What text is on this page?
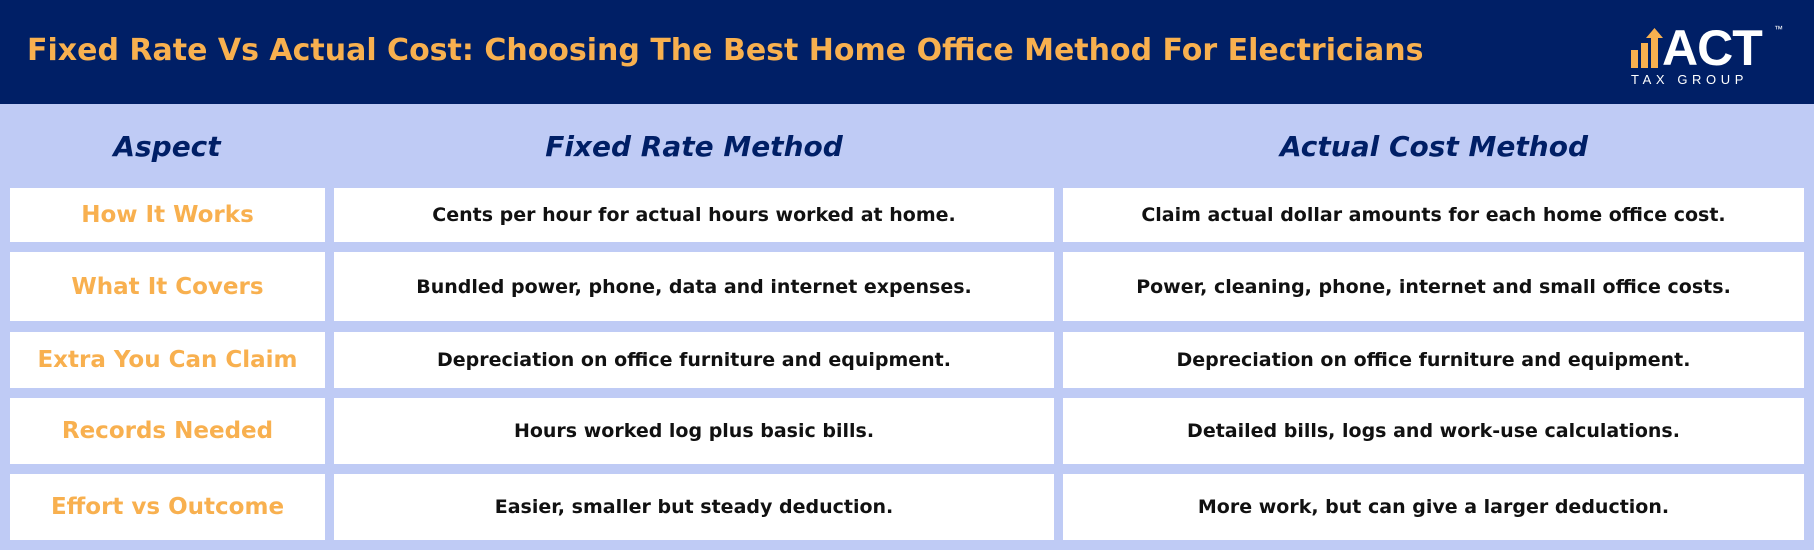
Fixed Rate Vs Actual Cost: Choosing The Best Home Office Method For Electricians	ACT ™
TAX GROUP
Aspect	Fixed Rate Method	Actual Cost Method
How It Works	Cents per hour for actual hours worked at home.	Claim actual dollar amounts for each home office cost.
What It Covers	Bundled power, phone, data and internet expenses.	Power, cleaning, phone, internet and small office costs.
Extra You Can Claim	Depreciation on office furniture and equipment.	Depreciation on office furniture and equipment.
Records Needed	Hours worked log plus basic bills.	Detailed bills, logs and work-use calculations.
Effort vs Outcome	Easier, smaller but steady deduction.	More work, but can give a larger deduction.
